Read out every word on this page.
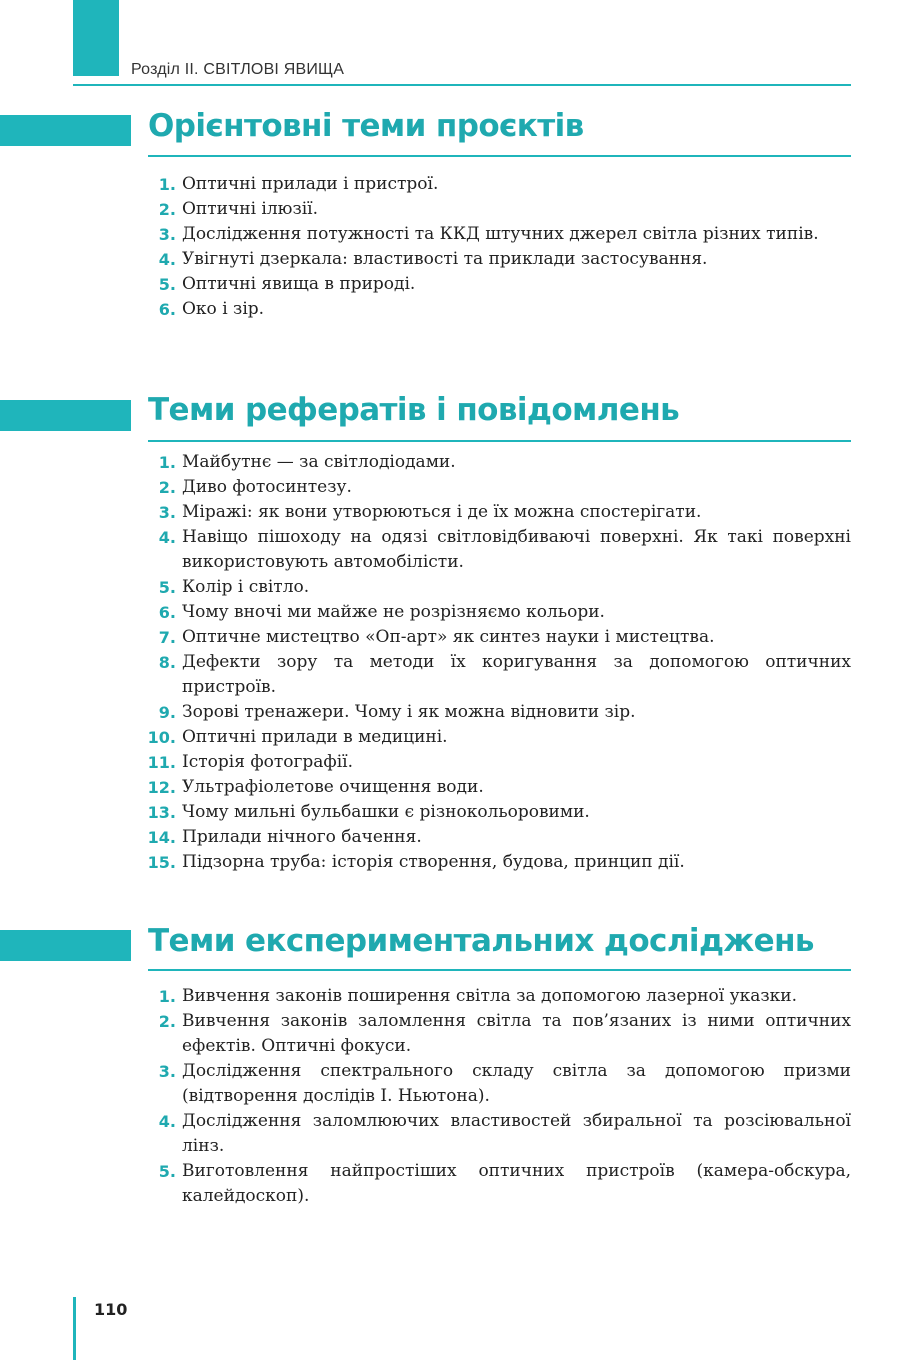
Розділ ІІ. СВІТЛОВІ ЯВИЩА
Орієнтовні теми проєктів
1. Оптичні прилади і пристрої.
2. Оптичні ілюзії.
3. Дослідження потужності та ККД штучних джерел світла різних типів.
4. Увігнуті дзеркала: властивості та приклади застосування.
5. Оптичні явища в природі.
6. Око і зір.
Теми рефератів і повідомлень
1. Майбутнє — за світлодіодами.
2. Диво фотосинтезу.
3. Міражі: як вони утворюються і де їх можна спостерігати.
4. Навіщо пішоходу на одязі світловідбиваючі поверхні. Як такі поверхні використовують автомобілісти.
5. Колір і світло.
6. Чому вночі ми майже не розрізняємо кольори.
7. Оптичне мистецтво «Оп-арт» як синтез науки і мистецтва.
8. Дефекти зору та методи їх коригування за допомогою оптичних пристроїв.
9. Зорові тренажери. Чому і як можна відновити зір.
10. Оптичні прилади в медицині.
11. Історія фотографії.
12. Ультрафіолетове очищення води.
13. Чому мильні бульбашки є різнокольоровими.
14. Прилади нічного бачення.
15. Підзорна труба: історія створення, будова, принцип дії.
Теми експериментальних досліджень
1. Вивчення законів поширення світла за допомогою лазерної указки.
2. Вивчення законів заломлення світла та пов’язаних із ними оптичних ефектів. Оптичні фокуси.
3. Дослідження спектрального складу світла за допомогою призми (відтворення дослідів І. Ньютона).
4. Дослідження заломлюючих властивостей збиральної та розсіювальної лінз.
5. Виготовлення найпростіших оптичних пристроїв (камера-обскура, калейдоскоп).
110
